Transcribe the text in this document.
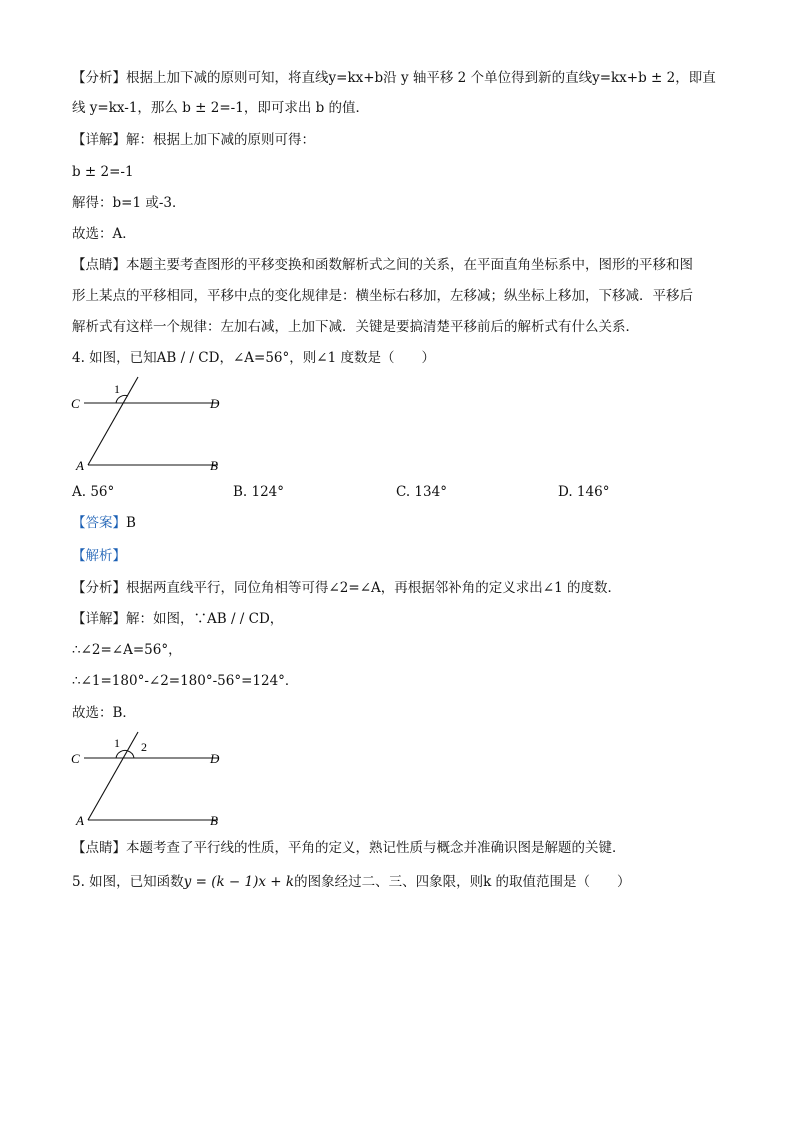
【分析】根据上加下减的原则可知，将直线y=kx+b沿 y 轴平移 2 个单位得到新的直线y=kx+b ± 2，即直
线 y=kx-1，那么 b ± 2=-1，即可求出 b 的值．
【详解】解：根据上加下减的原则可得：
b ± 2=-1
解得：b=1 或-3．
故选：A．
【点睛】本题主要考查图形的平移变换和函数解析式之间的关系，在平面直角坐标系中，图形的平移和图
形上某点的平移相同，平移中点的变化规律是：横坐标右移加，左移减；纵坐标上移加，下移减．平移后
解析式有这样一个规律：左加右减，上加下减．关键是要搞清楚平移前后的解析式有什么关系．
4. 如图，已知AB / / CD，∠A=56°，则∠1 度数是（　　）
C	D
A	B
1
A. 56°	B. 124°	C. 134°	D. 146°
【答案】B
【解析】
【分析】根据两直线平行，同位角相等可得∠2=∠A，再根据邻补角的定义求出∠1 的度数．
【详解】解：如图，∵AB / / CD，
∴∠2=∠A=56°，
∴∠1=180°-∠2=180°-56°=124°．
故选：B．
C	D
A	B
1 2
【点睛】本题考查了平行线的性质，平角的定义，熟记性质与概念并准确识图是解题的关键．
5. 如图，已知函数y = (k − 1)x + k的图象经过二、三、四象限，则k 的取值范围是（　　）
